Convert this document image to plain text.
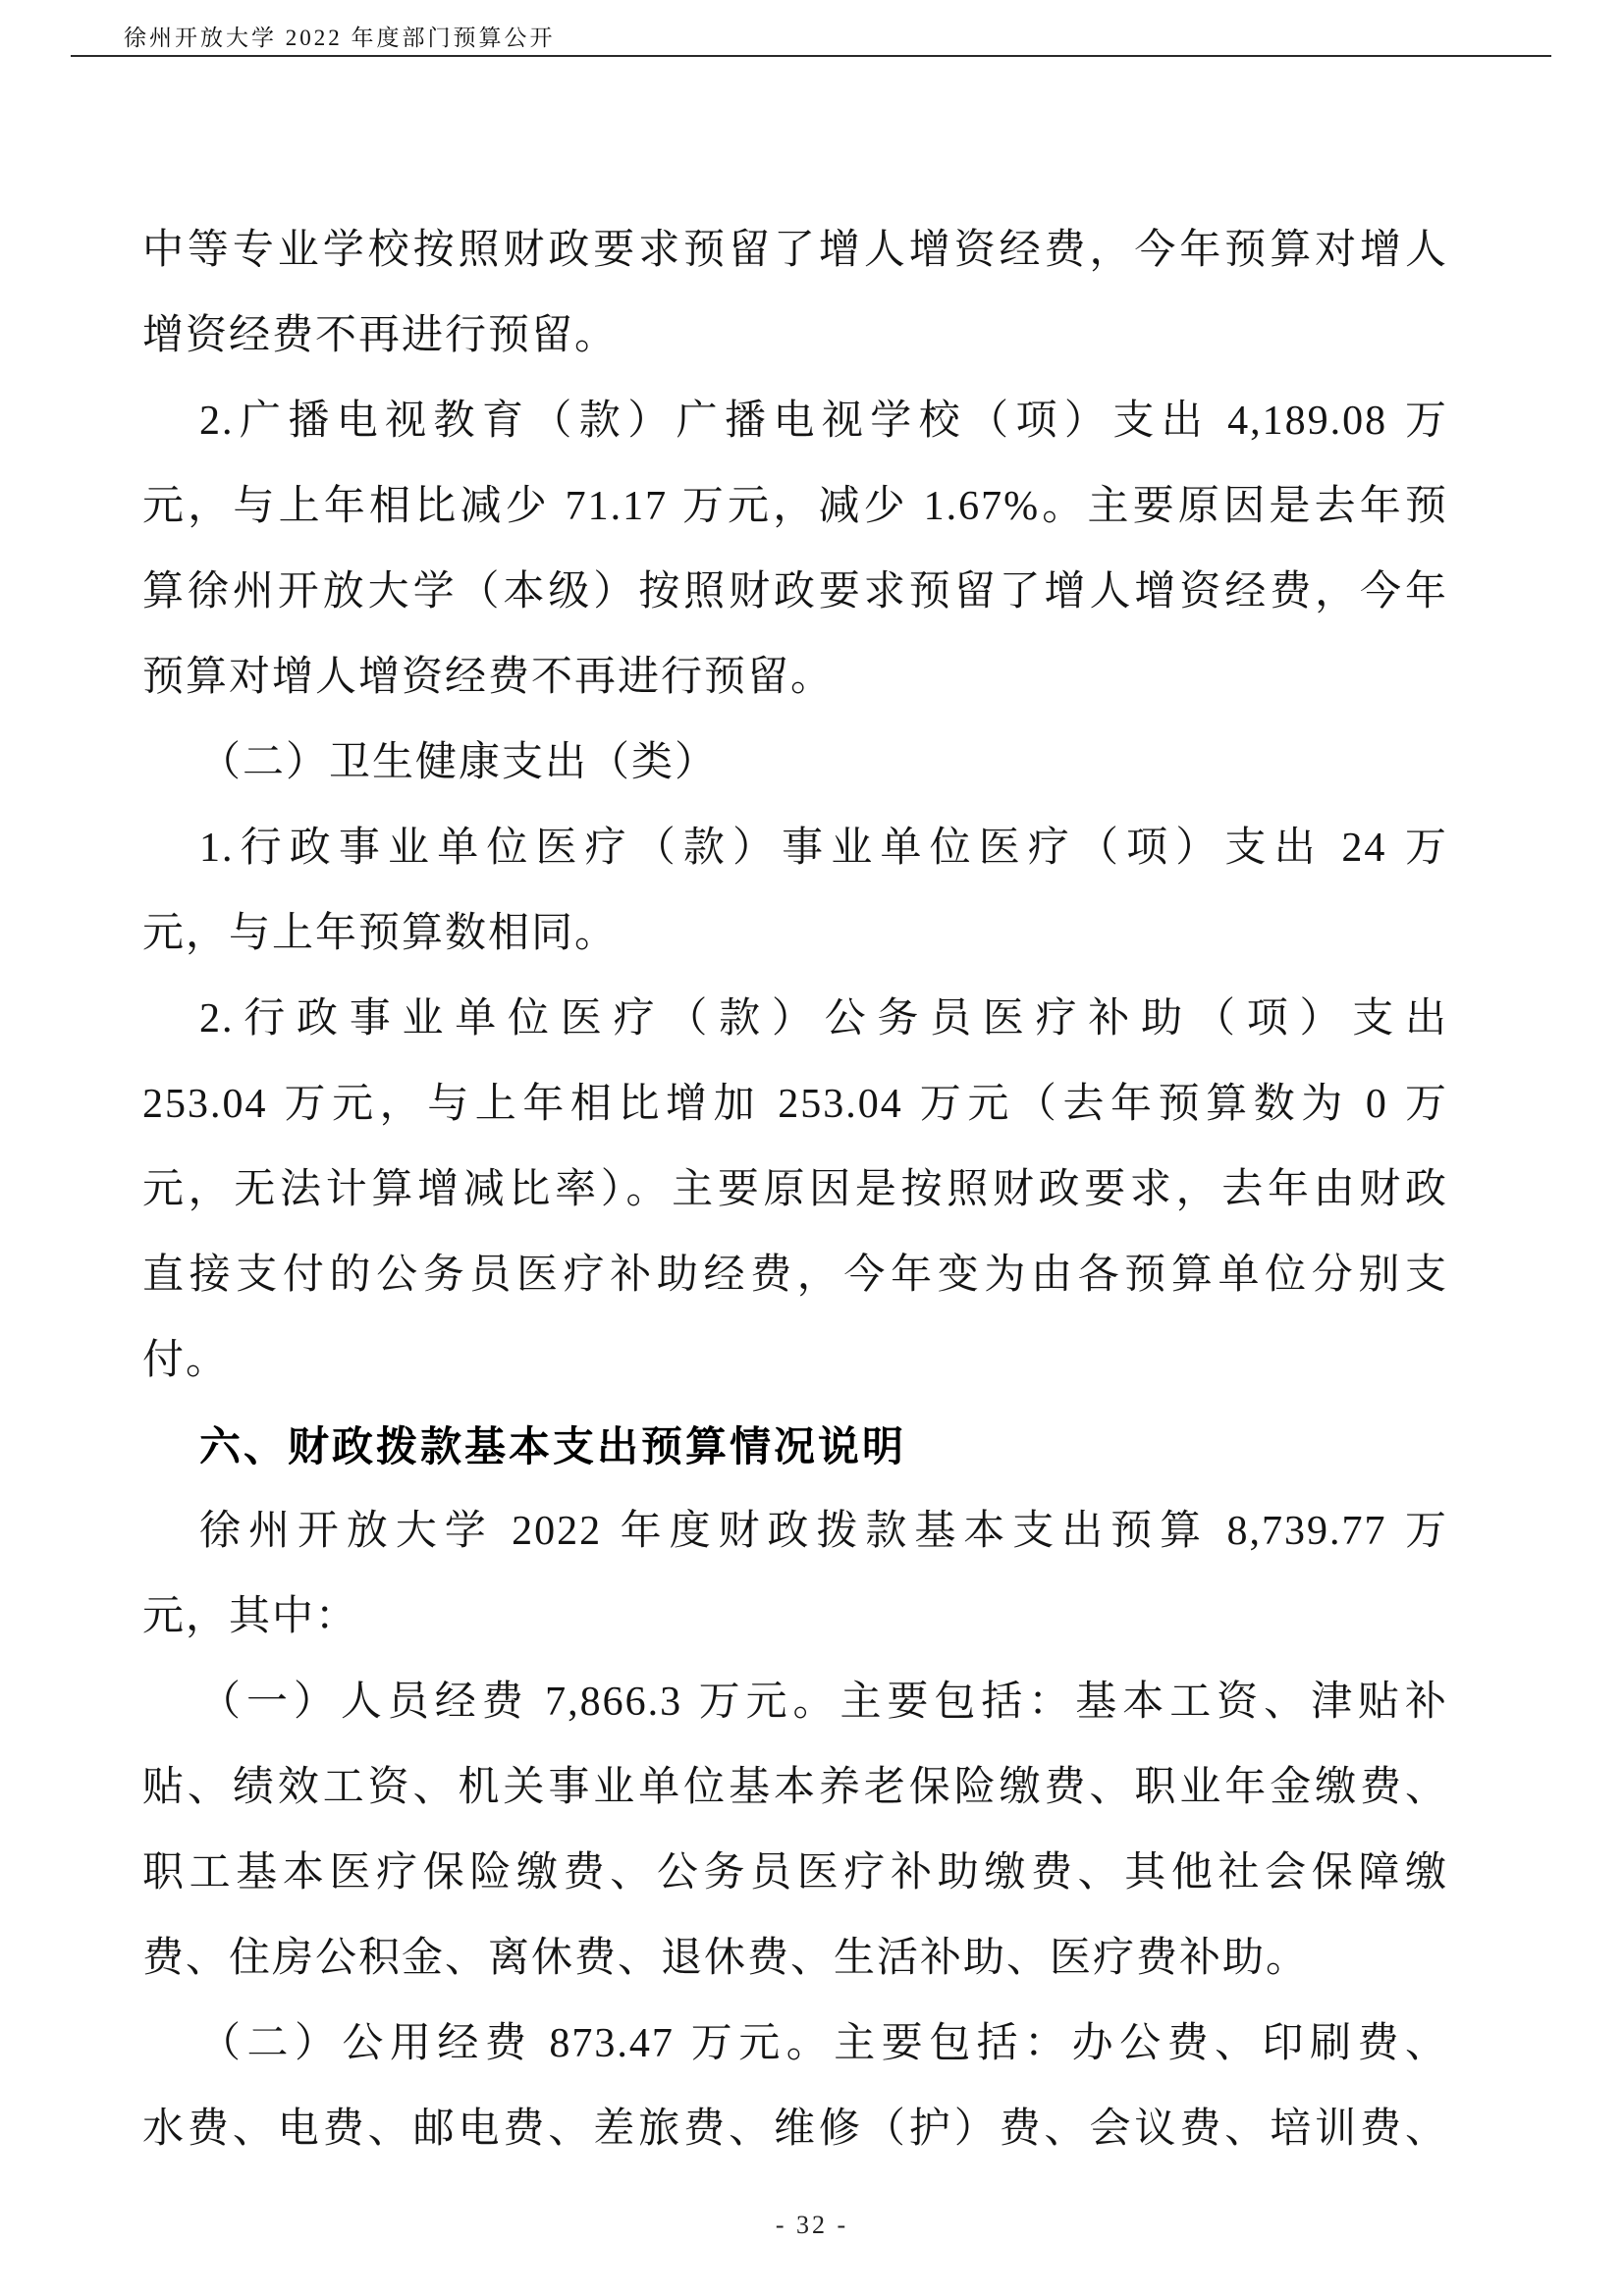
徐州开放大学 2022 年度部门预算公开
中等专业学校按照财政要求预留了增人增资经费，今年预算对增人
增资经费不再进行预留。
2.广播电视教育（款）广播电视学校（项）支出 4,189.08 万
元，与上年相比减少 71.17 万元，减少 1.67%。主要原因是去年预
算徐州开放大学（本级）按照财政要求预留了增人增资经费，今年
预算对增人增资经费不再进行预留。
（二）卫生健康支出（类）
1.行政事业单位医疗（款）事业单位医疗（项）支出 24 万
元，与上年预算数相同。
2.行政事业单位医疗（款）公务员医疗补助（项）支出
253.04 万元，与上年相比增加 253.04 万元（去年预算数为 0 万
元，无法计算增减比率）。主要原因是按照财政要求，去年由财政
直接支付的公务员医疗补助经费，今年变为由各预算单位分别支
付。
六、财政拨款基本支出预算情况说明
徐州开放大学 2022 年度财政拨款基本支出预算 8,739.77 万
元，其中：
（一）人员经费 7,866.3 万元。主要包括：基本工资、津贴补
贴、绩效工资、机关事业单位基本养老保险缴费、职业年金缴费、
职工基本医疗保险缴费、公务员医疗补助缴费、其他社会保障缴
费、住房公积金、离休费、退休费、生活补助、医疗费补助。
（二）公用经费 873.47 万元。主要包括：办公费、印刷费、
水费、电费、邮电费、差旅费、维修（护）费、会议费、培训费、
- 32 -
